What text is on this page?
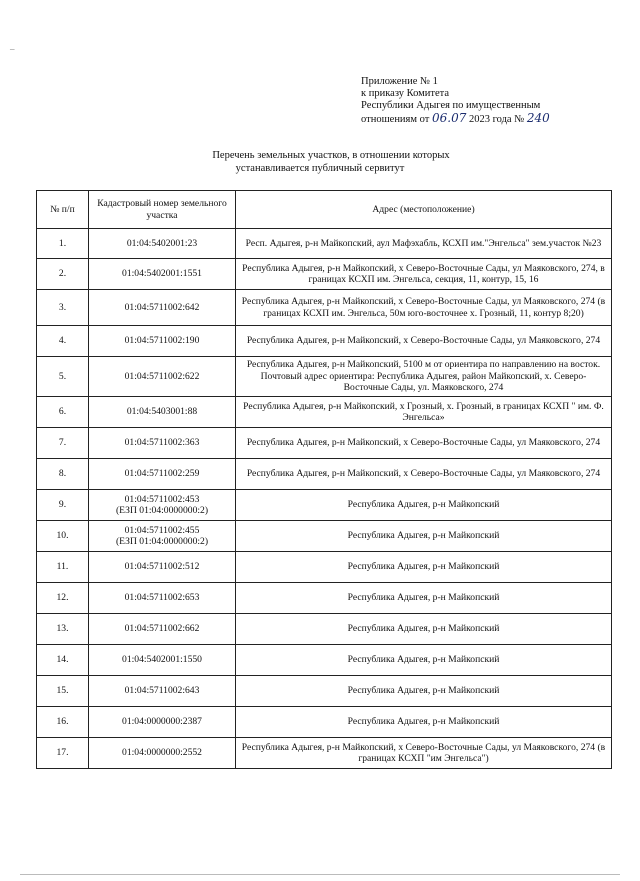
–
Приложение № 1
к приказу Комитета
Республики Адыгея по имущественным
отношениям от 06.07 2023 года № 240
Перечень земельных участков, в отношении которых
устанавливается публичный сервитут
№ п/п	Кадастровый номер земельного участка	Адрес (местоположение)
1.	01:04:5402001:23	Респ. Адыгея, р-н Майкопский, аул Мафэхабль, КСХП им."Энгельса" зем.участок №23
2.	01:04:5402001:1551	Республика Адыгея, р-н Майкопский, х Северо-Восточные Сады, ул Маяковского, 274, в границах КСХП им. Энгельса, секция, 11, контур, 15, 16
3.	01:04:5711002:642	Республика Адыгея, р-н Майкопский, х Северо-Восточные Сады, ул Маяковского, 274 (в границах КСХП им. Энгельса, 50м юго-восточнее х. Грозный, 11, контур 8;20)
4.	01:04:5711002:190	Республика Адыгея, р-н Майкопский, х Северо-Восточные Сады, ул Маяковского, 274
5.	01:04:5711002:622	Республика Адыгея, р-н Майкопский, 5100 м от ориентира по направлению на восток. Почтовый адрес ориентира: Республика Адыгея, район Майкопский, х. Северо-Восточные Сады, ул. Маяковского, 274
6.	01:04:5403001:88	Республика Адыгея, р-н Майкопский, х Грозный, х. Грозный, в границах КСХП " им. Ф. Энгельса»
7.	01:04:5711002:363	Республика Адыгея, р-н Майкопский, х Северо-Восточные Сады, ул Маяковского, 274
8.	01:04:5711002:259	Республика Адыгея, р-н Майкопский, х Северо-Восточные Сады, ул Маяковского, 274
9.	01:04:5711002:453
(ЕЗП 01:04:0000000:2)	Республика Адыгея, р-н Майкопский
10.	01:04:5711002:455
(ЕЗП 01:04:0000000:2)	Республика Адыгея, р-н Майкопский
11.	01:04:5711002:512	Республика Адыгея, р-н Майкопский
12.	01:04:5711002:653	Республика Адыгея, р-н Майкопский
13.	01:04:5711002:662	Республика Адыгея, р-н Майкопский
14.	01:04:5402001:1550	Республика Адыгея, р-н Майкопский
15.	01:04:5711002:643	Республика Адыгея, р-н Майкопский
16.	01:04:0000000:2387	Республика Адыгея, р-н Майкопский
17.	01:04:0000000:2552	Республика Адыгея, р-н Майкопский, х Северо-Восточные Сады, ул Маяковского, 274 (в границах КСХП "им Энгельса")
